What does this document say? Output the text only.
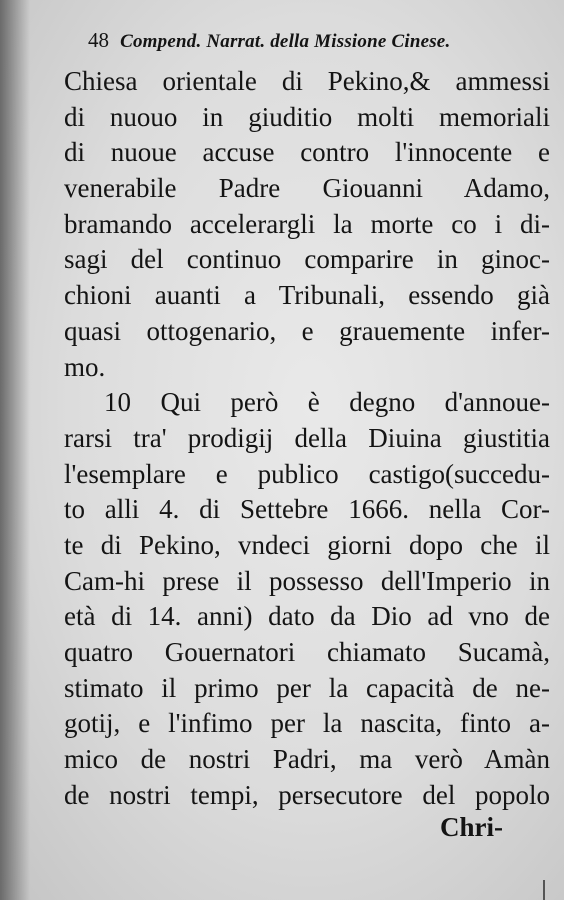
48 Compend. Narrat. della Missione Cinese.
Chiesa orientale di Pekino,& ammessi
di nuouo in giuditio molti memoriali
di nuoue accuse contro l'innocente e
venerabile Padre Giouanni Adamo,
bramando accelerargli la morte co i di-
sagi del continuo comparire in ginoc-
chioni auanti a Tribunali, essendo già
quasi ottogenario, e grauemente infer-
mo.
10 Qui però è degno d'annoue-
rarsi tra' prodigij della Diuina giustitia
l'esemplare e publico castigo(succedu-
to alli 4. di Settebre 1666. nella Cor-
te di Pekino, vndeci giorni dopo che il
Cam-hi prese il possesso dell'Imperio in
età di 14. anni) dato da Dio ad vno de
quatro Gouernatori chiamato Sucamà,
stimato il primo per la capacità de ne-
gotij, e l'infimo per la nascita, finto a-
mico de nostri Padri, ma verò Amàn
de nostri tempi, persecutore del popolo
Chri-
